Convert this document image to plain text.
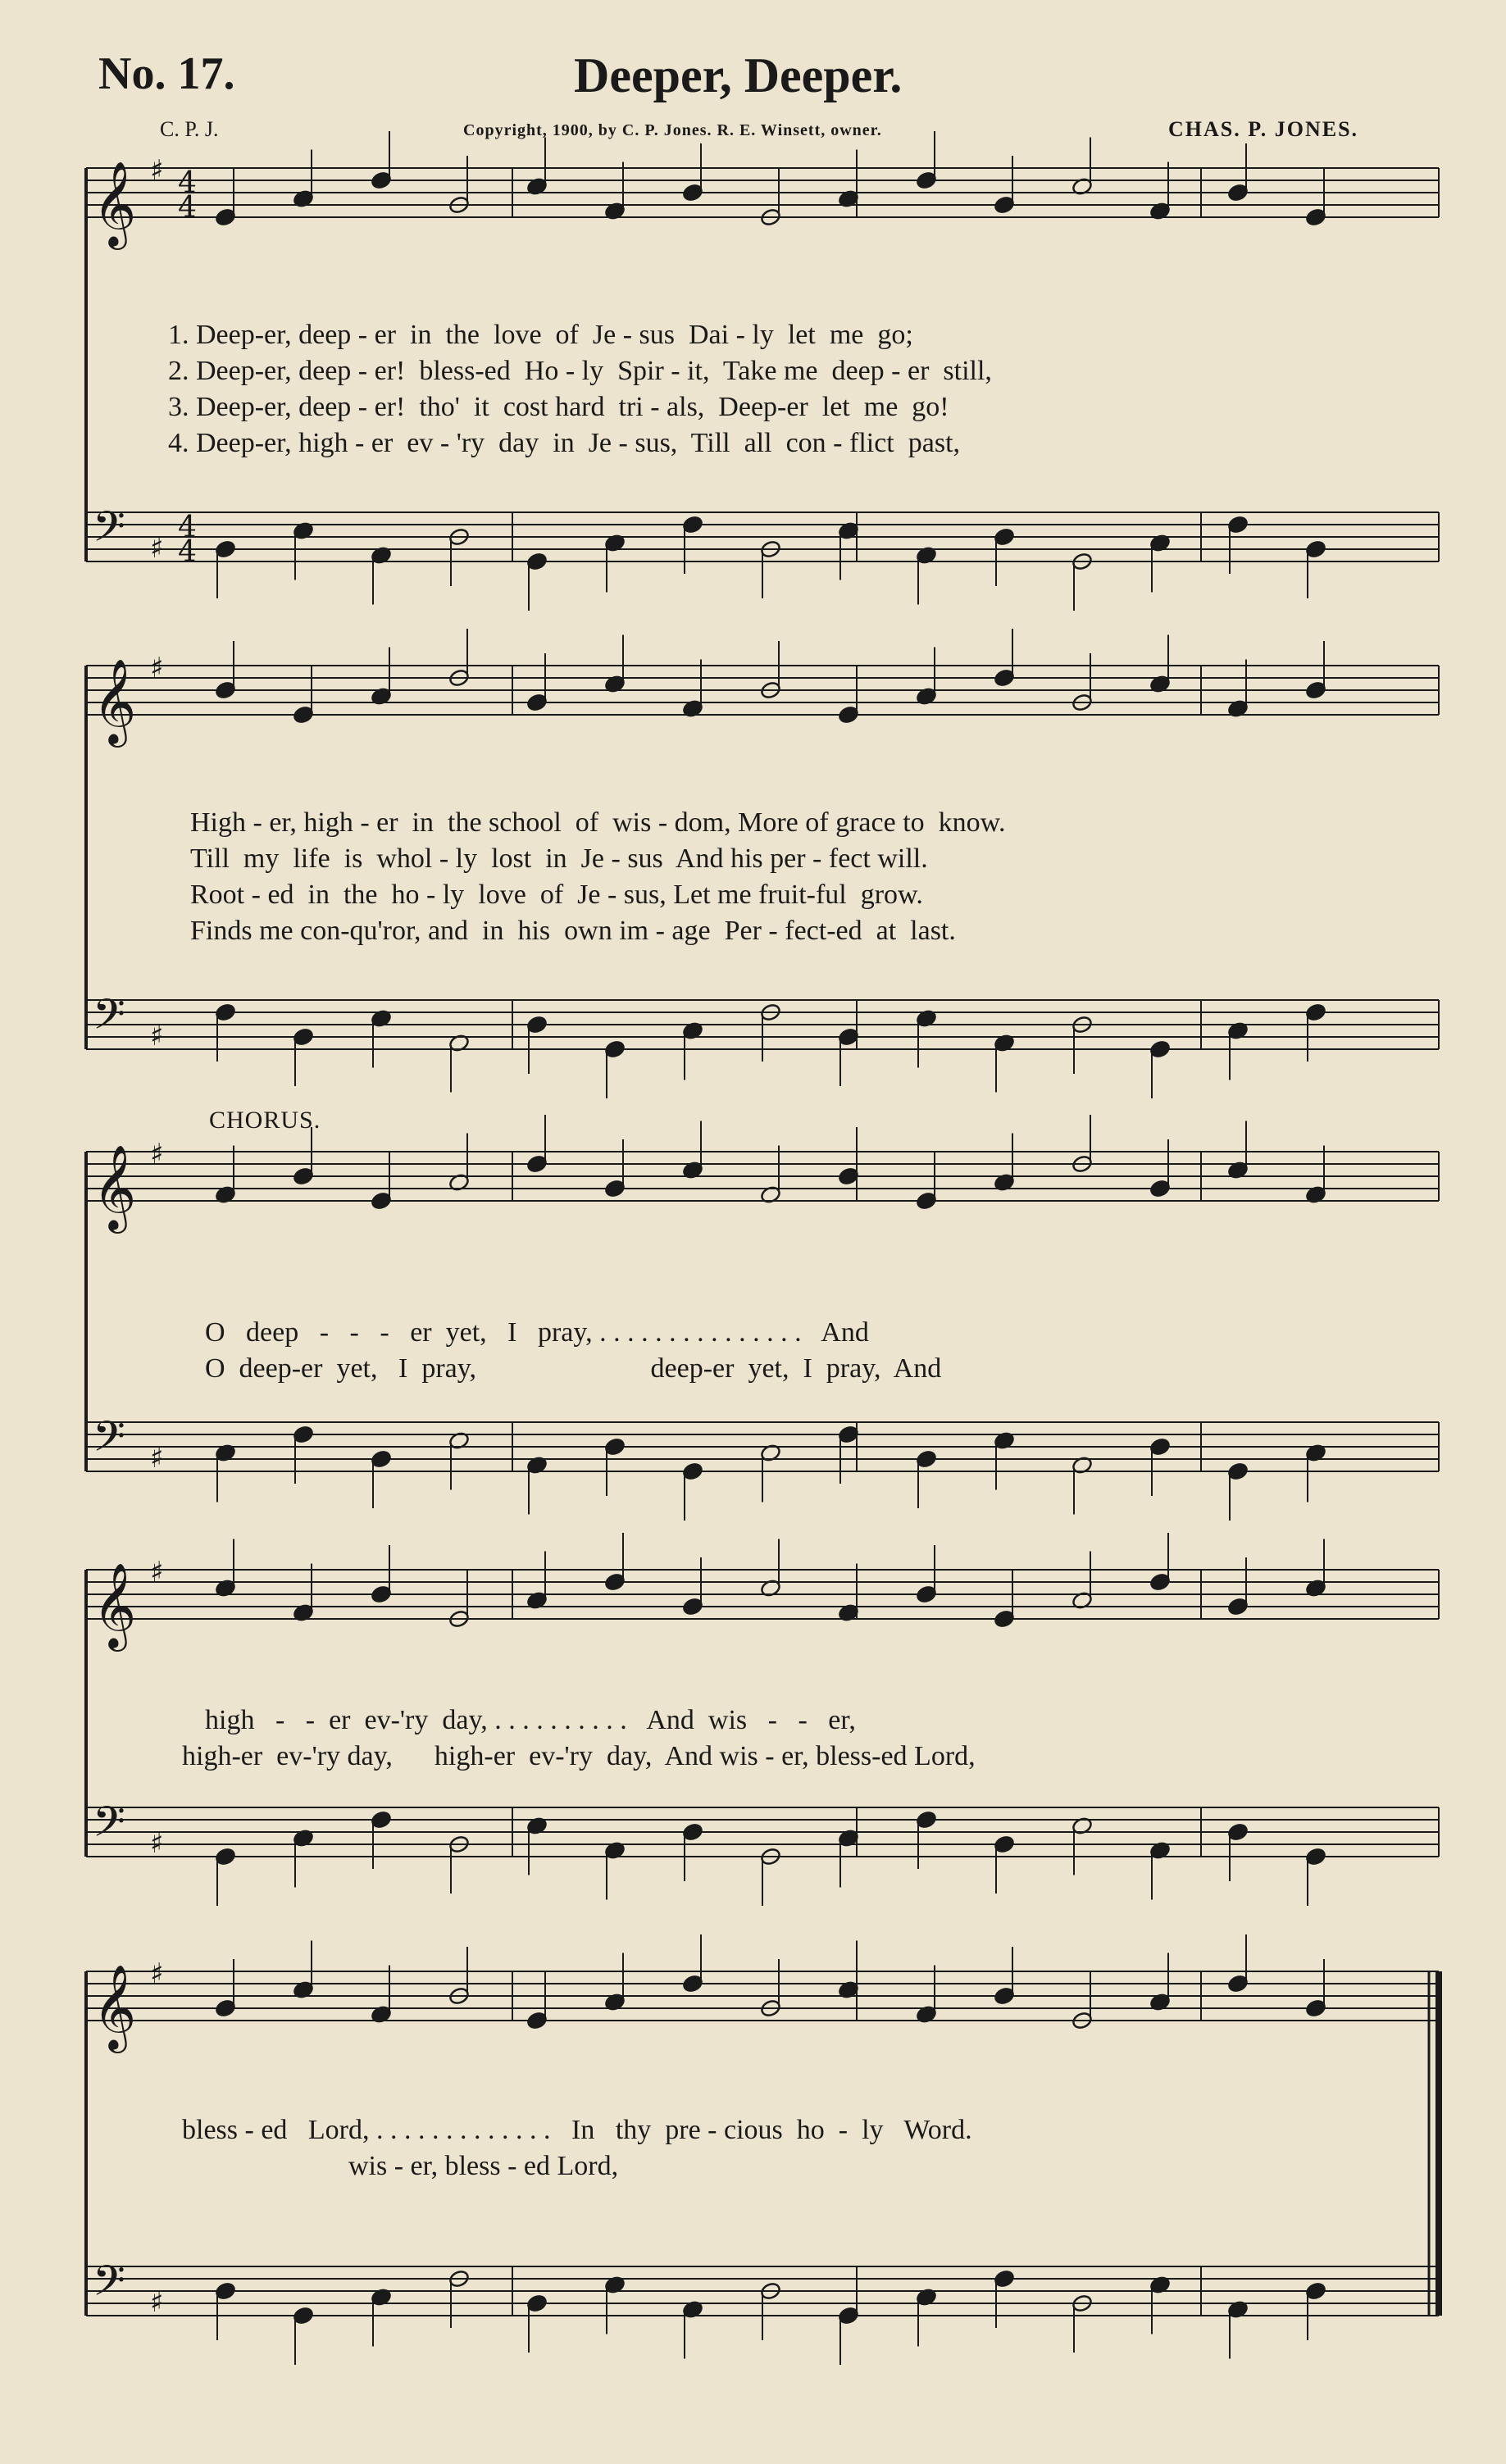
No. 17.	Deeper, Deeper.
C. P. J.	Copyright, 1900, by C. P. Jones. R. E. Winsett, owner.	CHAS. P. JONES.
𝄞 ♯ 4
4
𝄢 ♯
4
4
𝄞 ♯
𝄢 ♯
𝄞 ♯
𝄢 ♯
𝄞 ♯
𝄢 ♯
𝄞 ♯
𝄢 ♯
1. Deep-er, deep - er  in  the  love  of  Je - sus  Dai - ly  let  me  go;
2. Deep-er, deep - er!  bless-ed  Ho - ly  Spir - it,  Take me  deep - er  still,
3. Deep-er, deep - er!  tho'  it  cost hard  tri - als,  Deep-er  let  me  go!
4. Deep-er, high - er  ev - 'ry  day  in  Je - sus,  Till  all  con - flict  past,
High - er, high - er  in  the school  of  wis - dom, More of grace to  know.
Till  my  life  is  whol - ly  lost  in  Je - sus  And his per - fect will.
Root - ed  in  the  ho - ly  love  of  Je - sus, Let me fruit-ful  grow.
Finds me con-qu'ror, and  in  his  own im - age  Per - fect-ed  at  last.
CHORUS.
O   deep   -   -   -   er  yet,   I   pray, . . . . . . . . . . . . . . .   And
O  deep-er  yet,   I  pray,                         deep-er  yet,  I  pray,  And
high   -   -  er  ev-'ry  day, . . . . . . . . . .   And  wis   -   -   er,
high-er  ev-'ry day,      high-er  ev-'ry  day,  And wis - er, bless-ed Lord,
bless - ed   Lord, . . . . . . . . . . . . .   In   thy  pre - cious  ho  -  ly   Word.
wis - er, bless - ed Lord,
